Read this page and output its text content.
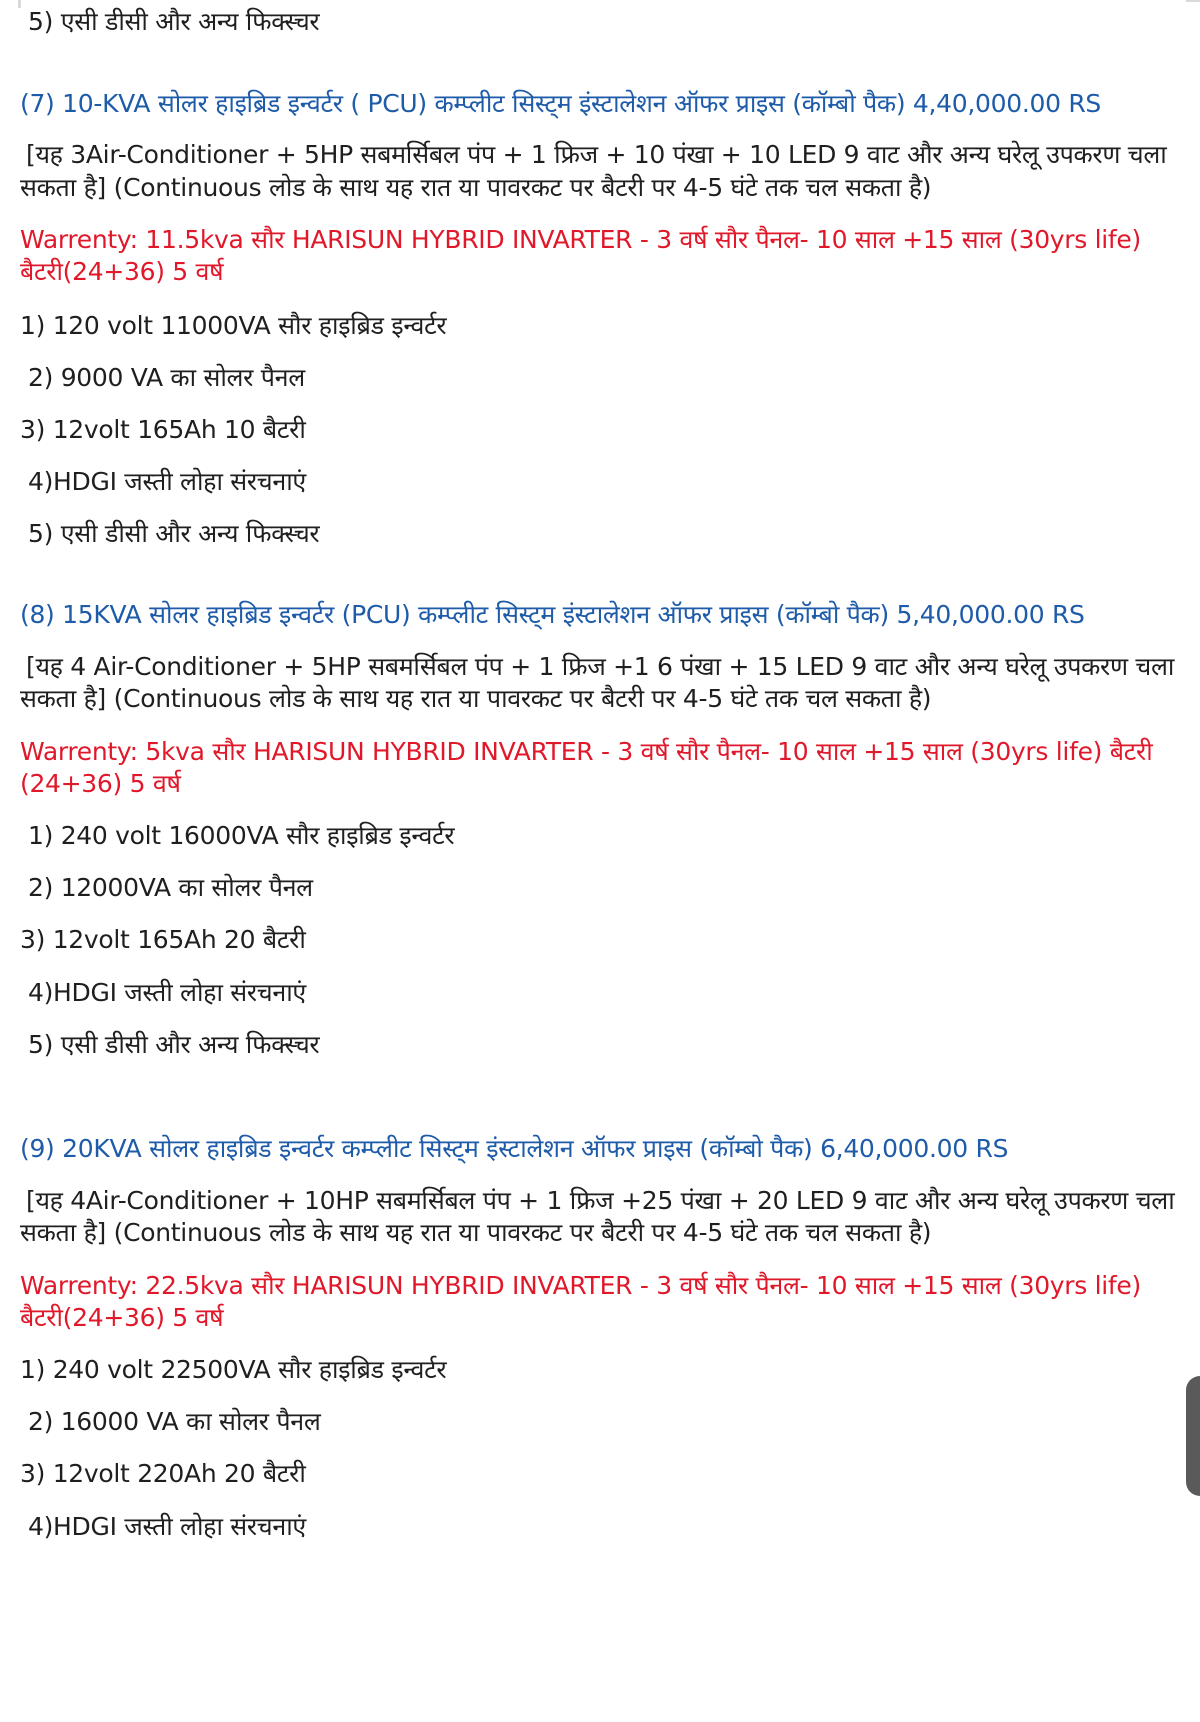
5) एसी डीसी और अन्य फिक्स्चर
(7) 10-KVA सोलर हाइब्रिड इन्वर्टर ( PCU) कम्प्लीट सिस्ट्म इंस्टालेशन ऑफर प्राइस (कॉम्बो पैक) 4,40,000.00 RS
[यह 3Air-Conditioner + 5HP सबमर्सिबल पंप + 1 फ्रिज + 10 पंखा + 10 LED 9 वाट और अन्य घरेलू उपकरण चला
सकता है] (Continuous लोड के साथ यह रात या पावरकट पर बैटरी पर 4-5 घंटे तक चल सकता है)
Warrenty: 11.5kva सौर HARISUN HYBRID INVARTER - 3 वर्ष सौर पैनल- 10 साल +15 साल (30yrs life)
बैटरी(24+36) 5 वर्ष
1) 120 volt 11000VA सौर हाइब्रिड इन्वर्टर
2) 9000 VA का सोलर पैनल
3) 12volt 165Ah 10 बैटरी
4)HDGI जस्ती लोहा संरचनाएं
5) एसी डीसी और अन्य फिक्स्चर
(8) 15KVA सोलर हाइब्रिड इन्वर्टर (PCU) कम्प्लीट सिस्ट्म इंस्टालेशन ऑफर प्राइस (कॉम्बो पैक) 5,40,000.00 RS
[यह 4 Air-Conditioner + 5HP सबमर्सिबल पंप + 1 फ्रिज +1 6 पंखा + 15 LED 9 वाट और अन्य घरेलू उपकरण चला
सकता है] (Continuous लोड के साथ यह रात या पावरकट पर बैटरी पर 4-5 घंटे तक चल सकता है)
Warrenty: 5kva सौर HARISUN HYBRID INVARTER - 3 वर्ष सौर पैनल- 10 साल +15 साल (30yrs life) बैटरी
(24+36) 5 वर्ष
1) 240 volt 16000VA सौर हाइब्रिड इन्वर्टर
2) 12000VA का सोलर पैनल
3) 12volt 165Ah 20 बैटरी
4)HDGI जस्ती लोहा संरचनाएं
5) एसी डीसी और अन्य फिक्स्चर
(9) 20KVA सोलर हाइब्रिड इन्वर्टर कम्प्लीट सिस्ट्म इंस्टालेशन ऑफर प्राइस (कॉम्बो पैक) 6,40,000.00 RS
[यह 4Air-Conditioner + 10HP सबमर्सिबल पंप + 1 फ्रिज +25 पंखा + 20 LED 9 वाट और अन्य घरेलू उपकरण चला
सकता है] (Continuous लोड के साथ यह रात या पावरकट पर बैटरी पर 4-5 घंटे तक चल सकता है)
Warrenty: 22.5kva सौर HARISUN HYBRID INVARTER - 3 वर्ष सौर पैनल- 10 साल +15 साल (30yrs life)
बैटरी(24+36) 5 वर्ष
1) 240 volt 22500VA सौर हाइब्रिड इन्वर्टर
2) 16000 VA का सोलर पैनल
3) 12volt 220Ah 20 बैटरी
4)HDGI जस्ती लोहा संरचनाएं
